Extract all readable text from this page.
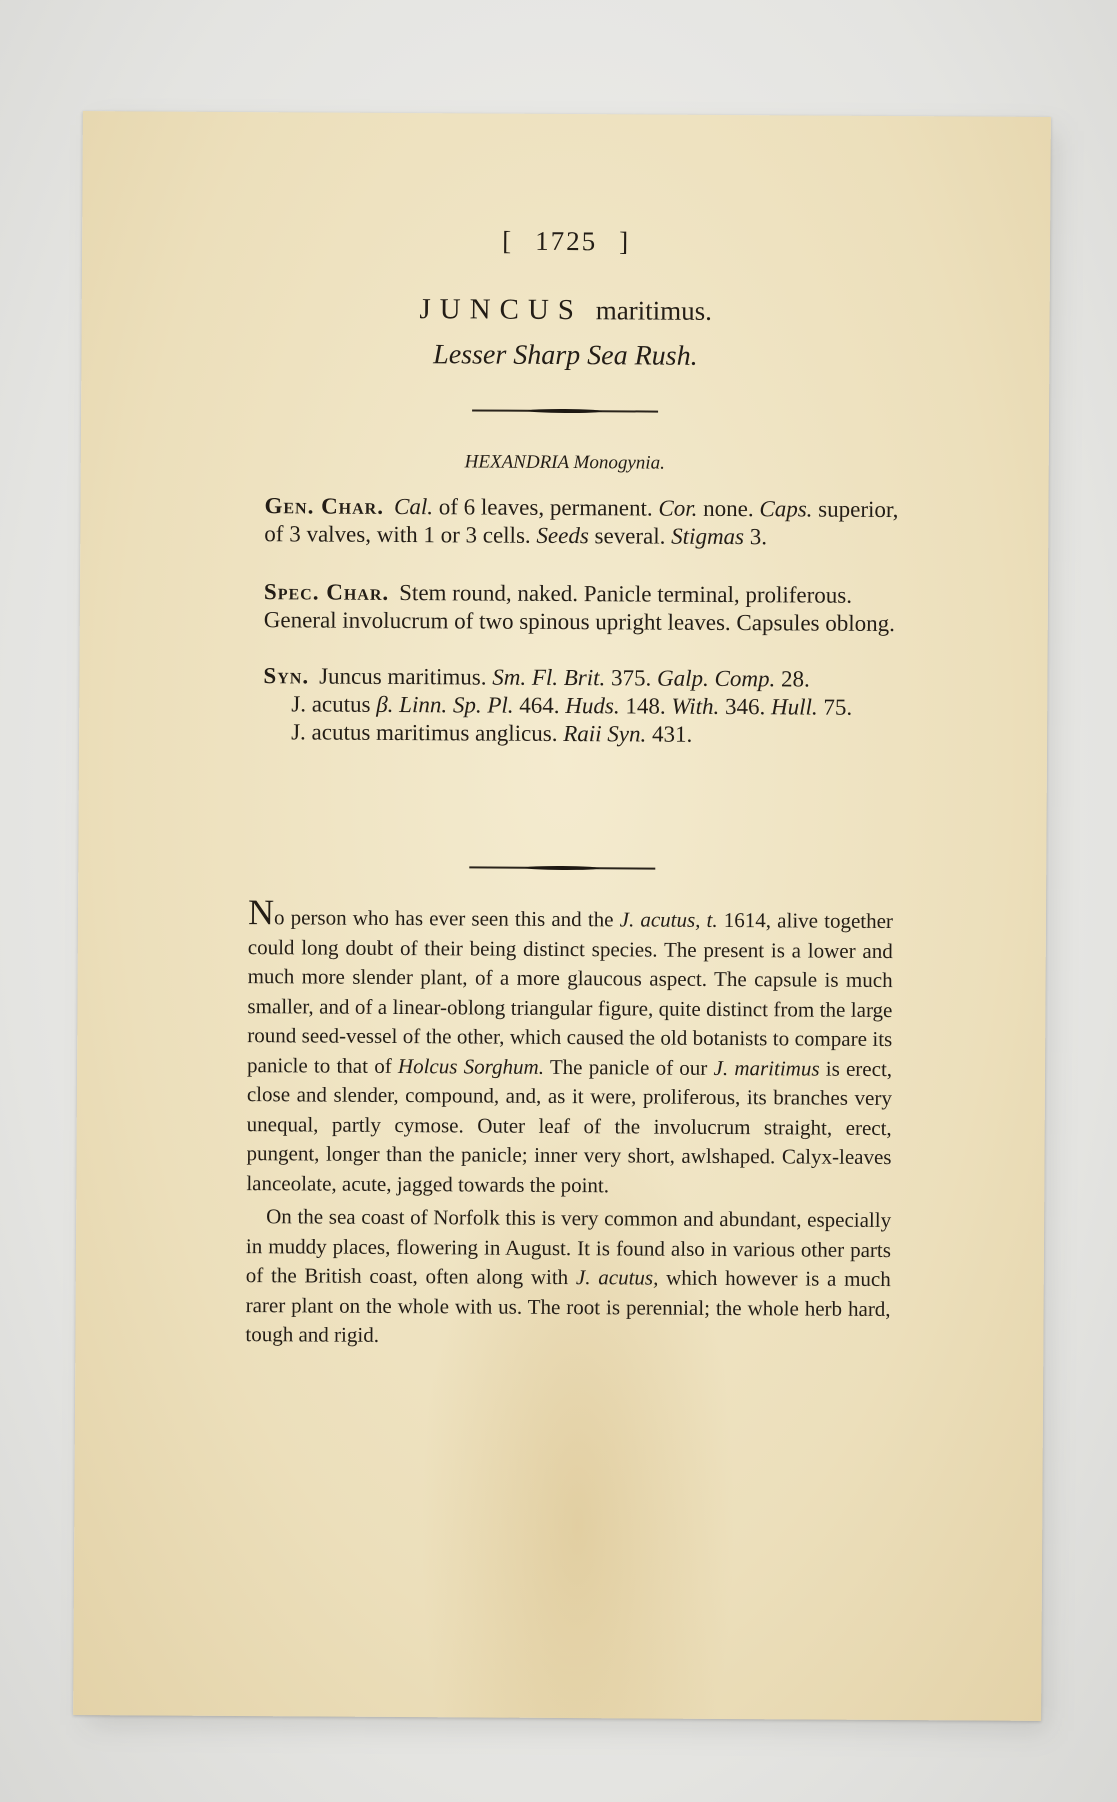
[ 1725 ]
JUNCUS maritimus.
Lesser Sharp Sea Rush.
HEXANDRIA Monogynia.
Gen. Char. Cal. of 6 leaves, permanent. Cor. none. Caps. superior, of 3 valves, with 1 or 3 cells. Seeds several. Stigmas 3.
Spec. Char. Stem round, naked. Panicle terminal, proliferous. General involucrum of two spinous upright leaves. Capsules oblong.
Syn. Juncus maritimus. Sm. Fl. Brit. 375. Galp. Comp. 28.
J. acutus β. Linn. Sp. Pl. 464. Huds. 148. With. 346. Hull. 75.
J. acutus maritimus anglicus. Raii Syn. 431.

No person who has ever seen this and the J. acutus, t. 1614, alive together could long doubt of their being distinct species. The present is a lower and much more slender plant, of a more glaucous aspect. The capsule is much smaller, and of a linear-oblong triangular figure, quite distinct from the large round seed-vessel of the other, which caused the old botanists to compare its panicle to that of Holcus Sorghum. The panicle of our J. maritimus is erect, close and slender, compound, and, as it were, proliferous, its branches very unequal, partly cymose. Outer leaf of the involucrum straight, erect, pungent, longer than the panicle; inner very short, awlshaped. Calyx-leaves lanceolate, acute, jagged towards the point.

On the sea coast of Norfolk this is very common and abundant, especially in muddy places, flowering in August. It is found also in various other parts of the British coast, often along with J. acutus, which however is a much rarer plant on the whole with us. The root is perennial; the whole herb hard, tough and rigid.
